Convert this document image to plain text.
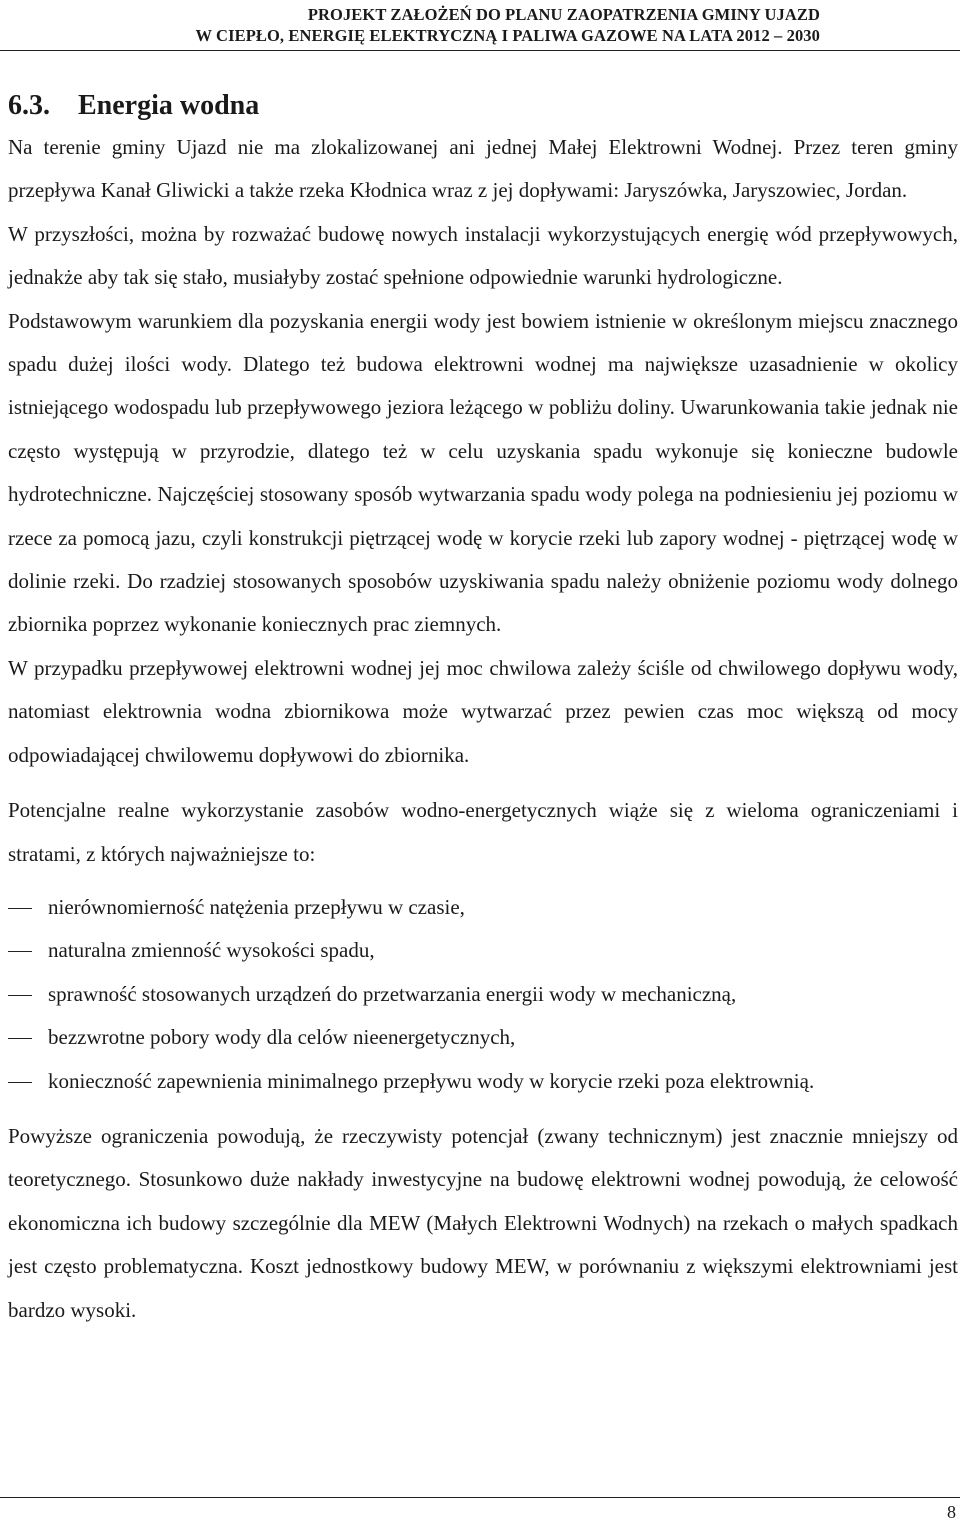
PROJEKT ZAŁOŻEŃ DO PLANU ZAOPATRZENIA GMINY UJAZD
W CIEPŁO, ENERGIĘ ELEKTRYCZNĄ I PALIWA GAZOWE NA LATA 2012 – 2030
6.3.	Energia wodna

Na terenie gminy Ujazd nie ma zlokalizowanej ani jednej Małej Elektrowni Wodnej. Przez teren gminy przepływa Kanał Gliwicki a także rzeka Kłodnica wraz z jej dopływami: Jaryszówka, Jaryszowiec, Jordan.

W przyszłości, można by rozważać budowę nowych instalacji wykorzystujących energię wód przepływowych, jednakże aby tak się stało, musiałyby zostać spełnione odpowiednie warunki hydrologiczne.

Podstawowym warunkiem dla pozyskania energii wody jest bowiem istnienie w określonym miejscu znacznego spadu dużej ilości wody. Dlatego też budowa elektrowni wodnej ma największe uzasadnienie w okolicy istniejącego wodospadu lub przepływowego jeziora leżącego w pobliżu doliny. Uwarunkowania takie jednak nie często występują w przyrodzie, dlatego też w celu uzyskania spadu wykonuje się konieczne budowle hydrotechniczne. Najczęściej stosowany sposób wytwarzania spadu wody polega na podniesieniu jej poziomu w rzece za pomocą jazu, czyli konstrukcji piętrzącej wodę w korycie rzeki lub zapory wodnej - piętrzącej wodę w dolinie rzeki. Do rzadziej stosowanych sposobów uzyskiwania spadu należy obniżenie poziomu wody dolnego zbiornika poprzez wykonanie koniecznych prac ziemnych.

W przypadku przepływowej elektrowni wodnej jej moc chwilowa zależy ściśle od chwilowego dopływu wody, natomiast elektrownia wodna zbiornikowa może wytwarzać przez pewien czas moc większą od mocy odpowiadającej chwilowemu dopływowi do zbiornika.

Potencjalne realne wykorzystanie zasobów wodno-energetycznych wiąże się z wieloma ograniczeniami i stratami, z których najważniejsze to:

nierównomierność natężenia przepływu w czasie,
naturalna zmienność wysokości spadu,
sprawność stosowanych urządzeń do przetwarzania energii wody w mechaniczną,
bezzwrotne pobory wody dla celów nieenergetycznych,
konieczność zapewnienia minimalnego przepływu wody w korycie rzeki poza elektrownią.

Powyższe ograniczenia powodują, że rzeczywisty potencjał (zwany technicznym) jest znacznie mniejszy od teoretycznego. Stosunkowo duże nakłady inwestycyjne na budowę elektrowni wodnej powodują, że celowość ekonomiczna ich budowy szczególnie dla MEW (Małych Elektrowni Wodnych) na rzekach o małych spadkach jest często problematyczna. Koszt jednostkowy budowy MEW, w porównaniu z większymi elektrowniami jest bardzo wysoki.

8
